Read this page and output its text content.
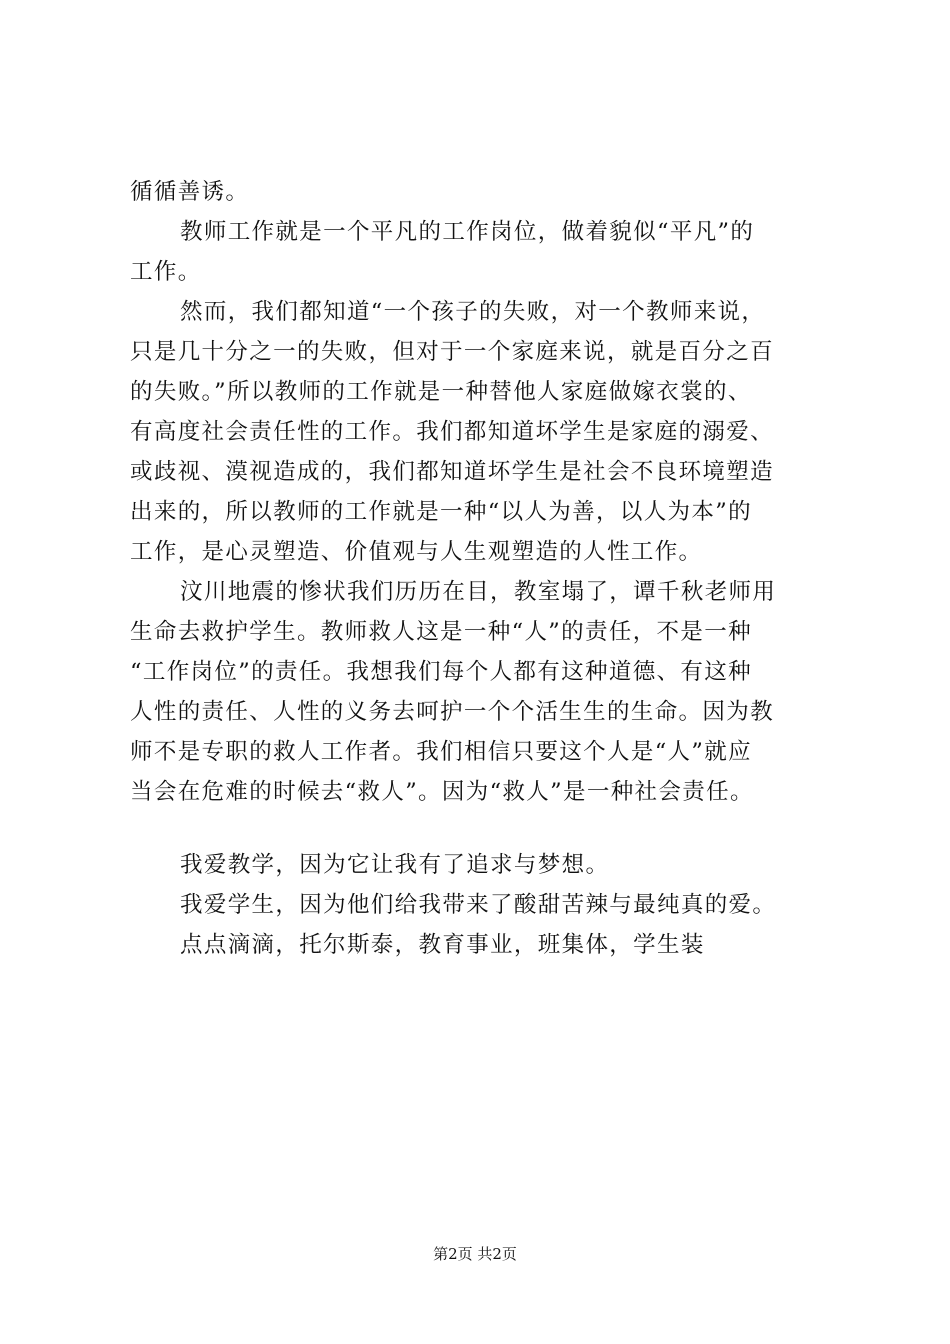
循循善诱。
教师工作就是一个平凡的工作岗位，做着貌似“平凡”的
工作。
然而，我们都知道“一个孩子的失败，对一个教师来说，
只是几十分之一的失败，但对于一个家庭来说，就是百分之百
的失败。”所以教师的工作就是一种替他人家庭做嫁衣裳的、
有高度社会责任性的工作。我们都知道坏学生是家庭的溺爱、
或歧视、漠视造成的，我们都知道坏学生是社会不良环境塑造
出来的，所以教师的工作就是一种“以人为善，以人为本”的
工作，是心灵塑造、价值观与人生观塑造的人性工作。
汶川地震的惨状我们历历在目，教室塌了，谭千秋老师用
生命去救护学生。教师救人这是一种“人”的责任，不是一种
“工作岗位”的责任。我想我们每个人都有这种道德、有这种
人性的责任、人性的义务去呵护一个个活生生的生命。因为教
师不是专职的救人工作者。我们相信只要这个人是“人”就应
当会在危难的时候去“救人”。因为“救人”是一种社会责任。
我爱教学，因为它让我有了追求与梦想。
我爱学生，因为他们给我带来了酸甜苦辣与最纯真的爱。
点点滴滴，托尔斯泰，教育事业，班集体，学生装
第2页 共2页
